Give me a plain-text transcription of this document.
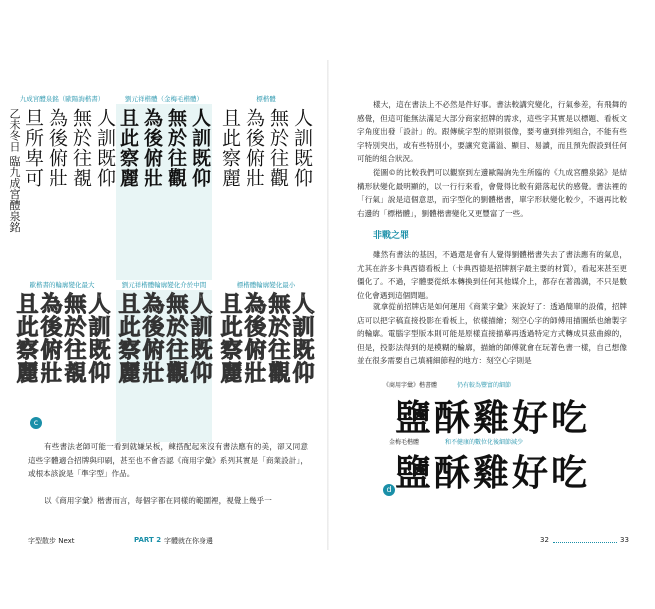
九成宮醴泉銘（歐陽詢楷書）
人訓既仰
無於往覩
為後俯壯
旦所卑可
乙未冬日 臨九成宮醴泉銘
歐楷書的輪廓變化最大
人訓既仰
無於往覩
為後俯壯
且此察麗
劉元祥楷體（金梅毛楷體）
人訓既仰
無於往觀
為後俯壯
且此察麗
劉元祥楷體輪廓變化介於中間
人訓既仰
無於往觀
為後俯壯
且此察麗
標楷體
人訓既仰
無於往觀
為後俯壯
且此察麗
標楷體輪廓變化最小
人訓既仰
無於往觀
為後俯壯
且此察麗
c
有些書法老師可能一看到就嫌呆板，練搭配起來沒有書法應有的美，卻又同意這些字體適合招牌與印刷，甚至也不會否認《商用字彙》系列其實是「商業設計」，或根本該說是「準字型」作品。
以《商用字彙》楷書而言，每個字都在同樣的範圍裡，視覺上幾乎一
字型散步 Next	PART 2 字體就在你身邊
樣大，這在書法上不必然是件好事。書法較講究變化，行氣參差，有飛舞的感覺，但這可能無法滿足大部分商家招牌的需求，這些字其實是以標題、看板文字角度出發「設計」的。跟傳統字型的原則很像，要考慮到排列組合，不能有些字特別突出，或有些特別小，要讓究竟滿溢、顯目、易讀，而且預先假設到任何可能的組合狀況。
從圖©的比較我們可以觀察到左邊歐陽詢先生所臨的《九成宮醴泉銘》是結構形狀變化最明顯的，以一行行來看，會覺得比較有錯落起伏的感覺。書法裡的「行氣」說是這個意思，而字型化的劉體楷書，單字形狀變化較少，不過再比較右邊的「標楷體」，劉體楷書變化又更豐富了一些。
非戰之罪
雖然有書法的基因，不過還是會有人覺得劉體楷書失去了書法應有的氣息，尤其在許多卡典西德看板上（卡典西德是招牌割字最主要的材質），看起來甚至更僵化了。不過，字體要從紙本轉換到任何其他媒介上，都存在著鴻溝，不只是數位化會遇到這個問題。
就拿從前招牌店是如何運用《商業字彙》來說好了：透過簡單的設備，招牌店可以把字稿直接投影在看板上，依樣描繪；刻空心字的師傅用描圖紙也繪製字的輪廓。電腦字型版本則可能是原樣直接描摹再透過特定方式轉成貝茲曲線的，但是，投影法得到的是模糊的輪廓，描繪的師傅就會在玩著色書一樣，自己想像並在很多需要自己填補細節程的地方：刻空心字則是
《商用字彙》楷書體	仍有較為豐富的細節
鹽酥雞好吃
金梅毛楷體	和不健康的數位化後細節減少
鹽酥雞好吃
d
32	33
